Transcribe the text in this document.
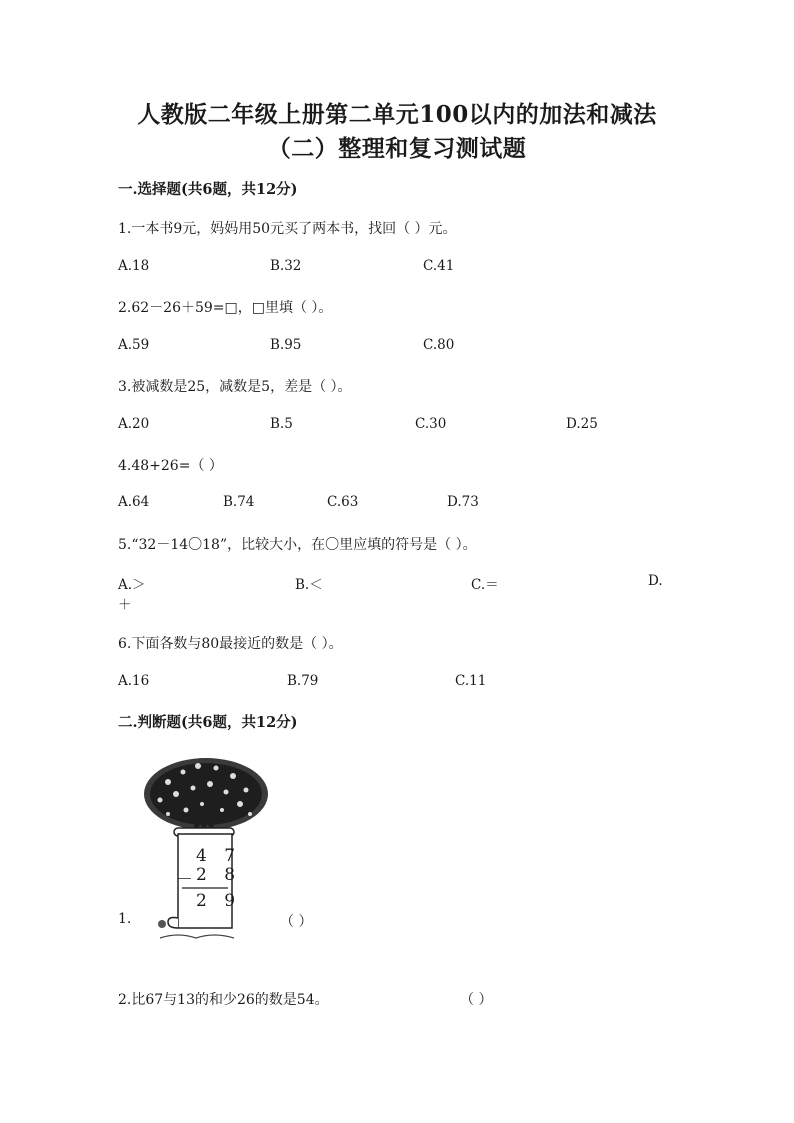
人教版二年级上册第二单元100以内的加法和减法
（二）整理和复习测试题
一.选择题(共6题，共12分)
1.一本书9元，妈妈用50元买了两本书，找回（ ）元。
A.18	B.32	C.41
2.62－26＋59=□，□里填（ ）。
A.59	B.95	C.80
3.被减数是25，减数是5，差是（ ）。
A.20	B.5	C.30	D.25
4.48+26=（ ）
A.64	B.74	C.63	D.73
5.“32－14〇18”，比较大小，在〇里应填的符号是（ ）。
A.＞	B.＜	C.＝	D.
＋
6.下面各数与80最接近的数是（ ）。
A.16	B.79	C.11
二.判断题(共6题，共12分)
1.
4 7
－ 2 8
2 9
（ ）
2.比67与13的和少26的数是54。	（ ）
